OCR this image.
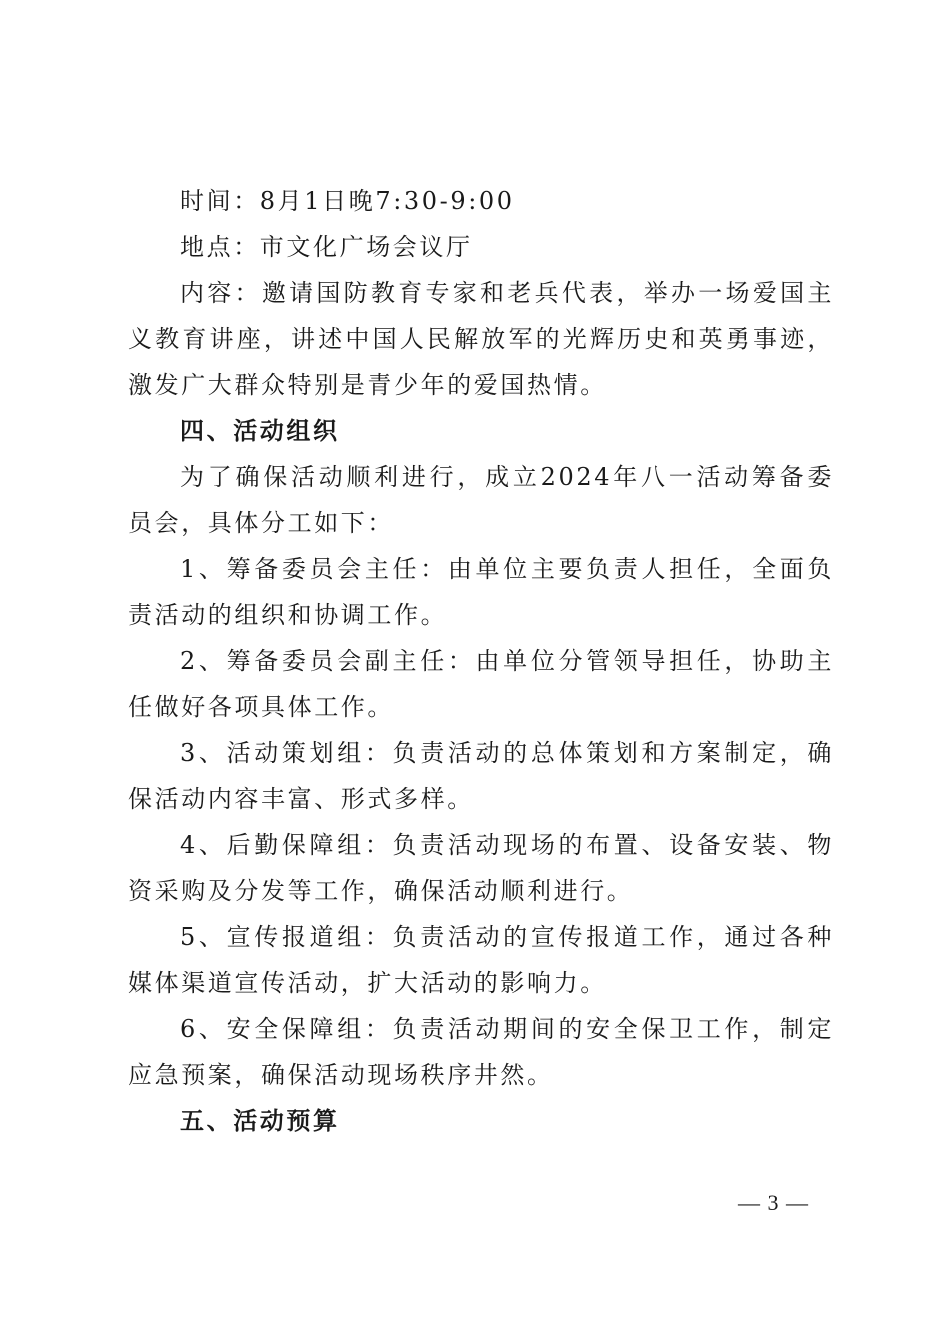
时间：8月1日晚7:30-9:00

地点：市文化广场会议厅

内容：邀请国防教育专家和老兵代表，举办一场爱国主义教育讲座，讲述中国人民解放军的光辉历史和英勇事迹，激发广大群众特别是青少年的爱国热情。

四、活动组织

为了确保活动顺利进行，成立2024年八一活动筹备委员会，具体分工如下：

1、筹备委员会主任：由单位主要负责人担任，全面负责活动的组织和协调工作。

2、筹备委员会副主任：由单位分管领导担任，协助主任做好各项具体工作。

3、活动策划组：负责活动的总体策划和方案制定，确保活动内容丰富、形式多样。

4、后勤保障组：负责活动现场的布置、设备安装、物资采购及分发等工作，确保活动顺利进行。

5、宣传报道组：负责活动的宣传报道工作，通过各种媒体渠道宣传活动，扩大活动的影响力。

6、安全保障组：负责活动期间的安全保卫工作，制定应急预案，确保活动现场秩序井然。

五、活动预算

— 3 —
